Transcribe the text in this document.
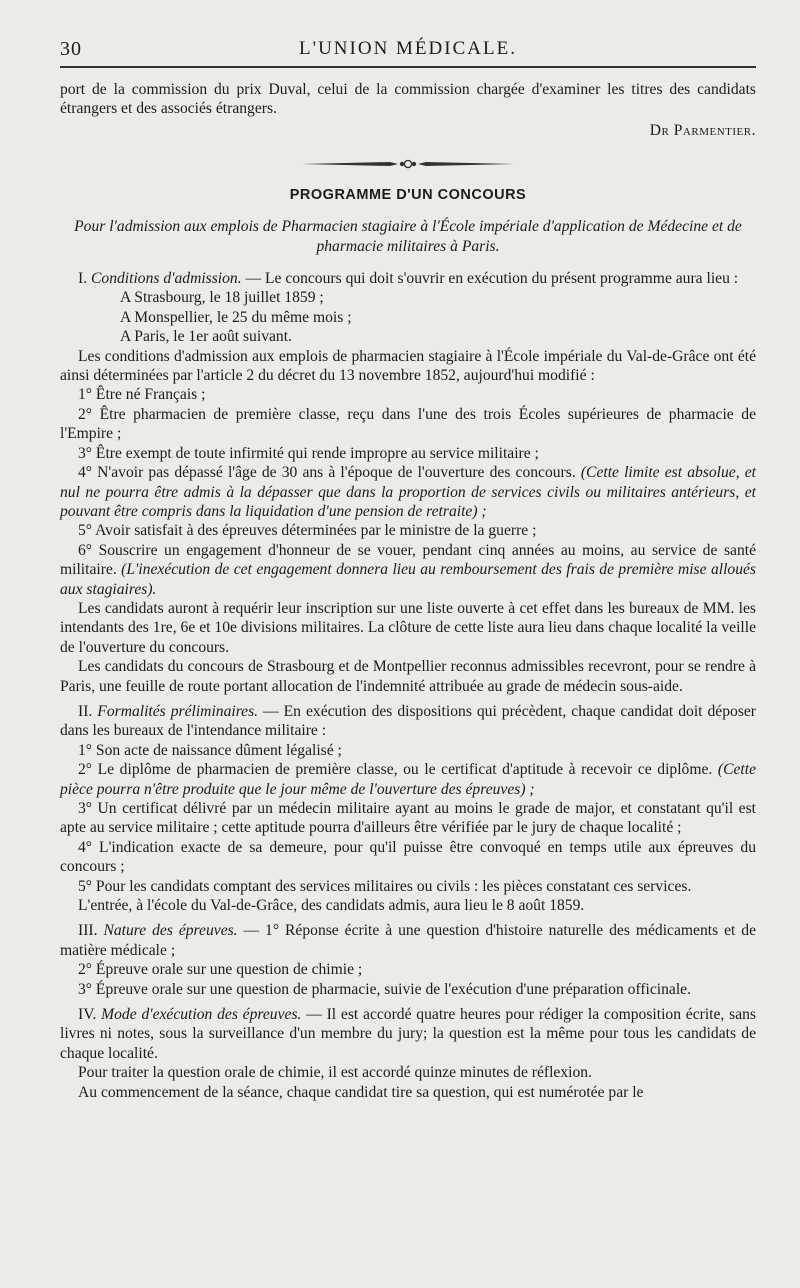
30	L'UNION MÉDICALE.

port de la commission du prix Duval, celui de la commission chargée d'examiner les titres des candidats étrangers et des associés étrangers.

Dr Parmentier.

PROGRAMME D'UN CONCOURS

Pour l'admission aux emplois de Pharmacien stagiaire à l'École impériale d'application de Médecine et de pharmacie militaires à Paris.

I. Conditions d'admission. — Le concours qui doit s'ouvrir en exécution du présent programme aura lieu :

A Strasbourg, le 18 juillet 1859 ;

A Monspellier, le 25 du même mois ;

A Paris, le 1er août suivant.

Les conditions d'admission aux emplois de pharmacien stagiaire à l'École impériale du Val-de-Grâce ont été ainsi déterminées par l'article 2 du décret du 13 novembre 1852, aujourd'hui modifié :

1° Être né Français ;

2° Être pharmacien de première classe, reçu dans l'une des trois Écoles supérieures de pharmacie de l'Empire ;

3° Être exempt de toute infirmité qui rende impropre au service militaire ;

4° N'avoir pas dépassé l'âge de 30 ans à l'époque de l'ouverture des concours. (Cette limite est absolue, et nul ne pourra être admis à la dépasser que dans la proportion de services civils ou militaires antérieurs, et pouvant être compris dans la liquidation d'une pension de retraite) ;

5° Avoir satisfait à des épreuves déterminées par le ministre de la guerre ;

6° Souscrire un engagement d'honneur de se vouer, pendant cinq années au moins, au service de santé militaire. (L'inexécution de cet engagement donnera lieu au remboursement des frais de première mise alloués aux stagiaires).

Les candidats auront à requérir leur inscription sur une liste ouverte à cet effet dans les bureaux de MM. les intendants des 1re, 6e et 10e divisions militaires. La clôture de cette liste aura lieu dans chaque localité la veille de l'ouverture du concours.

Les candidats du concours de Strasbourg et de Montpellier reconnus admissibles recevront, pour se rendre à Paris, une feuille de route portant allocation de l'indemnité attribuée au grade de médecin sous-aide.

II. Formalités préliminaires. — En exécution des dispositions qui précèdent, chaque candidat doit déposer dans les bureaux de l'intendance militaire :

1° Son acte de naissance dûment légalisé ;

2° Le diplôme de pharmacien de première classe, ou le certificat d'aptitude à recevoir ce diplôme. (Cette pièce pourra n'être produite que le jour même de l'ouverture des épreuves) ;

3° Un certificat délivré par un médecin militaire ayant au moins le grade de major, et constatant qu'il est apte au service militaire ; cette aptitude pourra d'ailleurs être vérifiée par le jury de chaque localité ;

4° L'indication exacte de sa demeure, pour qu'il puisse être convoqué en temps utile aux épreuves du concours ;

5° Pour les candidats comptant des services militaires ou civils : les pièces constatant ces services.

L'entrée, à l'école du Val-de-Grâce, des candidats admis, aura lieu le 8 août 1859.

III. Nature des épreuves. — 1° Réponse écrite à une question d'histoire naturelle des médicaments et de matière médicale ;

2° Épreuve orale sur une question de chimie ;

3° Épreuve orale sur une question de pharmacie, suivie de l'exécution d'une préparation officinale.

IV. Mode d'exécution des épreuves. — Il est accordé quatre heures pour rédiger la composition écrite, sans livres ni notes, sous la surveillance d'un membre du jury; la question est la même pour tous les candidats de chaque localité.

Pour traiter la question orale de chimie, il est accordé quinze minutes de réflexion.

Au commencement de la séance, chaque candidat tire sa question, qui est numérotée par le
